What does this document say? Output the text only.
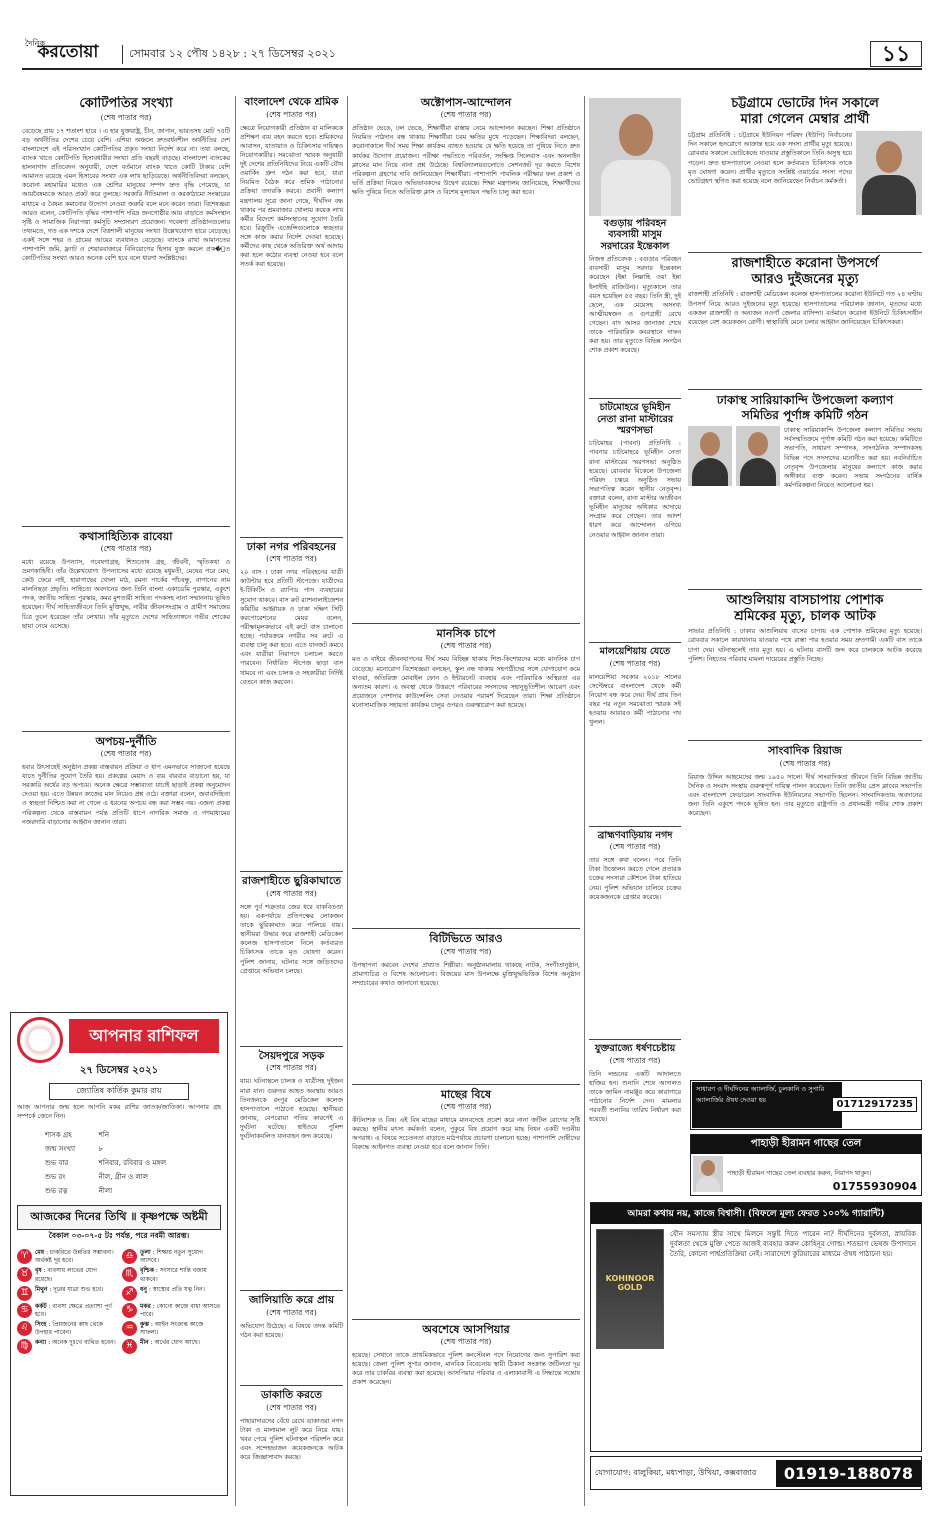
দৈনিক
করতোয়া	সোমবার ১২ পৌষ ১৪২৮ : ২৭ ডিসেম্বর ২০২১	১১
কোটিপতির সংখ্যা
(শেষ পাতার পর)
বেড়েছে প্রায় ১৭ শতাংশ হারে । এ হার যুক্তরাষ্ট্র, চীন, জাপান, ভারতসহ মোট ৭৫টি বড় অর্থনীতির দেশের চেয়ে বেশি। এশিয়া অঞ্চলে দ্রুতবর্ধনশীল অর্থনীতির দেশ বাংলাদেশে এই পরিসংখ্যান কোটিপতির প্রকৃত সংখ্যা নির্দেশ করে না। তথ্য বলছে, ব্যাংক খাতে কোটিপতি হিসাবধারীর সংখ্যা প্রতি বছরই বাড়ছে। বাংলাদেশ ব্যাংকের হালনাগাদ প্রতিবেদন অনুযায়ী, দেশে বর্তমানে ব্যাংক খাতে কোটি টাকার বেশি আমানত রয়েছে এমন হিসাবের সংখ্যা এক লাখ ছাড়িয়েছে। অর্থনীতিবিদরা বলছেন, করোনা মহামারির মধ্যেও এক শ্রেণির মানুষের সম্পদ দ্রুত বৃদ্ধি পেয়েছে, যা আয়বৈষম্যকে আরও প্রকট করে তুলছে। সরকারি নীতিমালা ও করকাঠামো সংস্কারের মাধ্যমে এ বৈষম্য কমানোর উদ্যোগ নেওয়া জরুরি বলে মনে করেন তারা। বিশেষজ্ঞরা আরও বলেন, কোটিপতি বৃদ্ধির পাশাপাশি দরিদ্র জনগোষ্ঠীর আয় বাড়াতে কর্মসংস্থান সৃষ্টি ও সামাজিক নিরাপত্তা কর্মসূচি সম্প্রসারণ প্রয়োজন। গবেষণা প্রতিষ্ঠানগুলোর তথ্যমতে, গত এক দশকে দেশে বিত্তশালী মানুষের সংখ্যা উল্লেখযোগ্য হারে বেড়েছে। একই সঙ্গে শহর ও গ্রামের আয়ের ব্যবধানও বেড়েছে। ব্যাংকে রাখা আমানতের পাশাপাশি জমি, ফ্ল্যাট ও শেয়ারবাজারে বিনিয়োগের হিসাব যুক্ত করলে প্রক�ৃত কোটিপতির সংখ্যা আরও অনেক বেশি হবে বলে ধারণা সংশ্লিষ্টদের।
কথাসাহিত্যিক রাবেয়া
(শেষ পাতার পর)
মধ্যে রয়েছে উপন্যাস, গবেষণাগ্রন্থ, শিশুতোষ গ্রন্থ, জীবনী, স্মৃতিকথা ও ভ্রমণকাহিনী। তাঁর উল্লেখযোগ্য উপন্যাসের মধ্যে রয়েছে মধুমতী, মেঘের পরে মেঘ, কেউ ফেরে নাই, হারাগাছের খোলা মাঠ, রমনা পার্কের পাঁচবন্ধু, বাগানের নাম মালনিছড়া প্রভৃতি। সাহিত্যে অবদানের জন্য তিনি বাংলা একাডেমি পুরস্কার, একুশে পদক, জাতীয় সাহিত্য পুরস্কার, কমর মুশতারী সাহিত্য পদকসহ নানা সম্মাননায় ভূষিত হয়েছেন। দীর্ঘ সাহিত্যজীবনে তিনি মুক্তিযুদ্ধ, নারীর জীবনসংগ্রাম ও গ্রামীণ সমাজের চিত্র তুলে ধরেছেন তাঁর লেখায়। তাঁর মৃত্যুতে দেশের সাহিত্যাঙ্গনে গভীর শোকের ছায়া নেমে এসেছে।
অপচয়-দুর্নীতি
(শেষ পাতার পর)
হবার উৎসাহেই অনুষ্ঠান প্রকল্প বাস্তবায়ন প্রক্রিয়া ও ধাপ এমনভাবে সাজানো হয়েছে যাতে দুর্নীতির সুযোগ তৈরি হয়। প্রকল্পের মেয়াদ ও ব্যয় বারবার বাড়ানো হয়, যা সরকারি অর্থের বড় অপচয়। অনেক ক্ষেত্রে সম্ভাব্যতা যাচাই ছাড়াই প্রকল্প অনুমোদন দেওয়া হয়। এতে উন্নয়ন কাজের মান নিয়েও প্রশ্ন ওঠে। বক্তারা বলেন, জবাবদিহিতা ও স্বচ্ছতা নিশ্চিত করা না গেলে এ ধরনের অপচয় বন্ধ করা সম্ভব নয়। এজন্য প্রকল্প পরিকল্পনা থেকে বাস্তবায়ন পর্যন্ত প্রতিটি ধাপে নাগরিক সমাজ ও গণমাধ্যমের নজরদারি বাড়ানোর আহ্বান জানান তারা।
আপনার রাশিফল
২৭ ডিসেম্বর ২০২১
জ্যোতিষ কার্তিক কুমার রায়
আজ আপনার জন্ম হলে আপনি মকর রাশির জাতক/জাতিকা। আপনার গ্রহ সম্পর্কে জেনে নিন।
শাসক গ্রহ	শনি
জন্ম সংখ্যা	৮
শুভ বার	শনিবার, রবিবার ও মঙ্গল
শুভ রং	নীল, গ্রীন ও লাল
শুভ রত্ন	নীলা
আজকের দিনের তিথি ॥ কৃষ্ণপক্ষে অষ্টমী
বৈকাল ০৩-০৭-৫ টঃ পর্যন্ত, পরে নবমী আরম্ভ।
♈	মেষ : চাকরিতে উন্নতির সম্ভাবনা। অর্থকষ্ট দূর হবে।	♎	তুলা : শিক্ষায় নতুন সুযোগ আসবে।
♉	বৃষ : ব্যবসায় লাভের যোগ রয়েছে।	♏	বৃশ্চিক : সংসারে শান্তি বজায় থাকবে।
♊	মিথুন : দূরের যাত্রা শুভ হবে।	♐	ধনু : স্বাস্থ্যের প্রতি যত্ন নিন।
♋	কর্কট : ব্যবসা ক্ষেত্রে প্রত্যাশা পূর্ণ হবে।	♑	মকর : কোনো কাজে বাধা আসতে পারে।
♌	সিংহ : প্রিয়জনের কাছ থেকে উপহার পাবেন।	♒	কুম্ভ : আইন সংক্রান্ত কাজে সাফল্য।
♍	কন্যা : অনেক দুঃখে ব্যথিত হবেন।	♓	মীন : অর্থের যোগ আছে।
বাংলাদেশ থেকে শ্রমিক
(শেষ পাতার পর)
ক্ষেত্রে নিয়োগকারী প্রতিষ্ঠান বা মালিককে প্রশিক্ষণ ব্যয় বহন করতে হবে। শ্রমিকদের আবাসন, যাতায়াত ও চিকিৎসার দায়িত্বও নিয়োগকারীর। সমঝোতা স্মারক অনুযায়ী দুই দেশের প্রতিনিধিদের নিয়ে একটি যৌথ ওয়ার্কিং গ্রুপ গঠন করা হবে, যারা নিয়মিত বৈঠক করে শ্রমিক পাঠানোর প্রক্রিয়া তদারকি করবে। প্রবাসী কল্যাণ মন্ত্রণালয় সূত্রে জানা গেছে, দীর্ঘদিন বন্ধ থাকার পর শ্রমবাজার খোলায় কয়েক লাখ কর্মীর বিদেশে কর্মসংস্থানের সুযোগ তৈরি হবে। রিক্রুটিং এজেন্সিগুলোকে স্বচ্ছতার সঙ্গে কাজ করার নির্দেশ দেওয়া হয়েছে। কর্মীদের কাছ থেকে অতিরিক্ত অর্থ আদায় করা হলে কঠোর ব্যবস্থা নেওয়া হবে বলে সতর্ক করা হয়েছে।
ঢাকা নগর পরিবহনের
(শেষ পাতার পর)
২০ বাস । ঢাকা নগর পরিবহনের যাত্রী কাউন্টার হবে প্রতিটি স্টপেজে। যাত্রীদের ই-টিকিটিং ও র‍্যাপিড পাস ব্যবহারের সুযোগ থাকবে। বাস রুট র‍্যাশনালাইজেশন কমিটির আহ্বায়ক ও ঢাকা দক্ষিণ সিটি করপোরেশনের মেয়র বলেন, পরীক্ষামূলকভাবে এই রুটে বাস চালানো হচ্ছে। পর্যায়ক্রমে নগরীর সব রুটে এ ব্যবস্থা চালু করা হবে। এতে যানজট কমবে এবং যাত্রীরা নিরাপদে চলাচল করতে পারবেন। নির্ধারিত স্টপেজ ছাড়া বাস থামবে না এবং চালক ও সহকারীরা নির্দিষ্ট বেতনে কাজ করবেন।
রাজশাহীতে ছুরিকাঘাতে
(শেষ পাতার পর)
সঙ্গে পুর্ব শত্রুতার জের ধরে বাকবিতণ্ডা হয়। একপর্যায়ে প্রতিপক্ষের লোকজন তাকে ছুরিকাঘাত করে পালিয়ে যায়। স্থানীয়রা উদ্ধার করে রাজশাহী মেডিকেল কলেজ হাসপাতালে নিলে কর্তব্যরত চিকিৎসক তাকে মৃত ঘোষণা করেন। পুলিশ জানায়, ঘটনার সঙ্গে জড়িতদের গ্রেপ্তারে অভিযান চলছে।
সৈয়দপুরে সড়ক
(শেষ পাতার পর)
যায়। ঘটনাস্থলে চালক ও যাত্রীসহ দুইজন মারা যান। গুরুতর আহত অবস্থায় আরও তিনজনকে রংপুর মেডিকেল কলেজ হাসপাতালে পাঠানো হয়েছে। স্থানীয়রা জানায়, বেপরোয়া গতির কারণেই এ দুর্ঘটনা ঘটেছে। হাইওয়ে পুলিশ দুর্ঘটনাকবলিত যানবাহন জব্দ করেছে।
জালিয়াতি করে প্রায়
(শেষ পাতার পর)
অভিযোগ উঠেছে। এ বিষয়ে তদন্ত কমিটি গঠন করা হয়েছে।
ডাকাতি করতে
(শেষ পাতার পর)
পাহারাদারদের বেঁধে রেখে ডাকাতরা নগদ টাকা ও মালামাল লুট করে নিয়ে যায়। খবর পেয়ে পুলিশ ঘটনাস্থল পরিদর্শন করে এবং সন্দেহভাজন কয়েকজনকে আটক করে জিজ্ঞাসাবাদ করছে।
অক্টোপাস-আন্দোলন
(শেষ পাতার পর)
প্রতিষ্ঠান ভেঙে, ঢল ভেঙে, শিক্ষার্থীরা রাস্তায় নেমে আন্দোলন করছেন। শিক্ষা প্রতিষ্ঠানে নিয়মিত পাঠদান বন্ধ থাকায় শিক্ষার্থীরা চরম ক্ষতির মুখে পড়েছেন। শিক্ষাবিদরা বলছেন, করোনাকালে দীর্ঘ সময় শিক্ষা কার্যক্রম ব্যাহত হওয়ায় যে ক্ষতি হয়েছে তা পুষিয়ে নিতে দ্রুত কার্যকর উদ্যোগ প্রয়োজন। পরীক্ষা পদ্ধতিতে পরিবর্তন, সংক্ষিপ্ত সিলেবাস এবং অনলাইন ক্লাসের মান নিয়ে নানা প্রশ্ন উঠেছে। বিশ্ববিদ্যালয়গুলোতে সেশনজট দূর করতে বিশেষ পরিকল্পনা গ্রহণের দাবি জানিয়েছেন শিক্ষার্থীরা। পাশাপাশি পাবলিক পরীক্ষার ফল প্রকাশ ও ভর্তি প্রক্রিয়া নিয়েও অভিভাবকদের উদ্বেগ রয়েছে। শিক্ষা মন্ত্রণালয় জানিয়েছে, শিক্ষার্থীদের ক্ষতি পুষিয়ে নিতে অতিরিক্ত ক্লাস ও বিশেষ মূল্যায়ন পদ্ধতি চালু করা হবে।
মানসিক চাপে
(শেষ পাতার পর)
মত ও বাইরে জীবনযাপনের দীর্ঘ সময় বিচ্ছিন্ন থাকায় শিশু-কিশোরদের মধ্যে মানসিক চাপ বেড়েছে। মনোরোগ বিশেষজ্ঞরা বলছেন, স্কুল বন্ধ থাকায় সহপাঠীদের সঙ্গে যোগাযোগ কমে যাওয়া, অতিরিক্ত মোবাইল ফোন ও ইন্টারনেট ব্যবহার এবং পারিবারিক অস্থিরতা এর অন্যতম কারণ। এ অবস্থা থেকে উত্তরণে পরিবারের সদস্যদের সহানুভূতিশীল আচরণ এবং প্রয়োজনে পেশাদার কাউন্সেলিং সেবা নেওয়ার পরামর্শ দিয়েছেন তারা। শিক্ষা প্রতিষ্ঠানে মনোসামাজিক সহায়তা কার্যক্রম চালুর ওপরও গুরুত্বারোপ করা হয়েছে।
বিটিভিতে আরও
(শেষ পাতার পর)
উপস্থাপনা করবেন দেশের প্রখ্যাত শিল্পীরা। অনুষ্ঠানমালায় থাকছে নাটক, সংগীতানুষ্ঠান, প্রামাণ্যচিত্র ও বিশেষ আলোচনা। বিজয়ের মাস উপলক্ষে মুক্তিযুদ্ধভিত্তিক বিশেষ অনুষ্ঠান সম্প্রচারের কথাও জানানো হয়েছে।
মাছের বিষে
(শেষ পাতার পর)
কীটনাশক ও বিষ। এই বিষ মাছের মাধ্যমে মানবদেহে প্রবেশ করে নানা জটিল রোগের সৃষ্টি করছে। স্থানীয় মৎস্য কর্মকর্তা বলেন, পুকুরে বিষ প্রয়োগ করে মাছ নিধন একটি দণ্ডনীয় অপরাধ। এ বিষয়ে সচেতনতা বাড়াতে মাঠপর্যায়ে প্রচারণা চালানো হচ্ছে। পাশাপাশি দোষীদের বিরুদ্ধে আইনগত ব্যবস্থা নেওয়া হবে বলে জানান তিনি।
অবশেষে আসপিয়ার
(শেষ পাতার পর)
হয়েছে। সেখানে তাকে প্রাথমিকভাবে পুলিশ কনস্টেবল পদে নিয়োগের জন্য সুপারিশ করা হয়েছে। জেলা পুলিশ সুপার জানান, মানবিক বিবেচনায় স্থায়ী ঠিকানা সংক্রান্ত জটিলতা দূর করে তার চাকরির ব্যবস্থা করা হয়েছে। আসপিয়ার পরিবার ও এলাকাবাসী এ সিদ্ধান্তে সন্তোষ প্রকাশ করেছেন।
বগুড়ায় পরিবহন
ব্যবসায়ী মাসুম
সরদারের ইন্তেকাল
নিজস্ব প্রতিবেদক : বগুড়ার পরিবহন ব্যবসায়ী মাসুম সরদার ইন্তেকাল করেছেন (ইন্না লিল্লাহি ওয়া ইন্না ইলাইহি রাজিউন)। মৃত্যুকালে তার বয়স হয়েছিল ৫৫ বছর। তিনি স্ত্রী, দুই ছেলে, এক মেয়েসহ অসংখ্য আত্মীয়স্বজন ও গুণগ্রাহী রেখে গেছেন। বাদ আসর জানাজা শেষে তাকে পারিবারিক কবরস্থানে দাফন করা হয়। তার মৃত্যুতে বিভিন্ন সংগঠন শোক প্রকাশ করেছে।
চাটমোহরে ভূমিহীন নেতা রানা মাস্টারের স্মরণসভা
চাটমোহর (পাবনা) প্রতিনিধি : পাবনার চাটমোহরে ভূমিহীন নেতা রানা মাস্টারের স্মরণসভা অনুষ্ঠিত হয়েছে। রোববার বিকেলে উপজেলা পরিষদ চত্বরে অনুষ্ঠিত সভায় সভাপতিত্ব করেন স্থানীয় নেতৃবৃন্দ। বক্তারা বলেন, রানা মাস্টার আজীবন ভূমিহীন মানুষের অধিকার আদায়ে সংগ্রাম করে গেছেন। তার আদর্শ ধারণ করে আন্দোলন এগিয়ে নেওয়ার আহ্বান জানান তারা।
মালয়েশিয়ায় যেতে
(শেষ পাতার পর)
মালয়েশিয়া সরকার ২০১৮ সালের সেপ্টেম্বরে বাংলাদেশ থেকে কর্মী নিয়োগ বন্ধ করে দেয়। দীর্ঘ প্রায় তিন বছর পর নতুন সমঝোতা স্মারক সই হওয়ায় আবারও কর্মী পাঠানোর পথ খুলল।
ব্রাহ্মণবাড়িয়ায় নগদ
(শেষ পাতার পর)
তার সঙ্গে কথা বলেন। পরে তিনি টাকা উত্তোলন করতে গেলে প্রতারক চক্রের সদস্যরা কৌশলে টাকা হাতিয়ে নেয়। পুলিশ অভিযান চালিয়ে চক্রের কয়েকজনকে গ্রেপ্তার করেছে।
যুক্তরাজ্যে ধর্ষণচেষ্টায়
(শেষ পাতার পর)
তিনি লন্ডনের একটি আদালতে হাজির হন। শুনানি শেষে আদালত তাকে জামিন নামঞ্জুর করে কারাগারে পাঠানোর নির্দেশ দেন। মামলার পরবর্তী শুনানির তারিখ নির্ধারণ করা হয়েছে।
চট্টগ্রামে ভোটের দিন সকালে
মারা গেলেন মেম্বার প্রার্থী
চট্টগ্রাম প্রতিনিধি : চট্টগ্রামে ইউনিয়ন পরিষদ (ইউপি) নির্বাচনের দিন সকালে হৃদরোগে আক্রান্ত হয়ে এক সদস্য প্রার্থীর মৃত্যু হয়েছে। রোববার সকালে ভোটকেন্দ্রে যাওয়ার প্রস্তুতিকালে তিনি অসুস্থ হয়ে পড়েন। দ্রুত হাসপাতালে নেওয়া হলে কর্তব্যরত চিকিৎসক তাকে মৃত ঘোষণা করেন। প্রার্থীর মৃত্যুতে সংশ্লিষ্ট ওয়ার্ডের সদস্য পদের ভোটগ্রহণ স্থগিত করা হয়েছে বলে জানিয়েছেন নির্বাচন কর্মকর্তা।
রাজশাহীতে করোনা উপসর্গে
আরও দুইজনের মৃত্যু
রাজশাহী প্রতিনিধি : রাজশাহী মেডিকেল কলেজ হাসপাতালের করোনা ইউনিটে গত ২৪ ঘণ্টায় উপসর্গ নিয়ে আরও দুইজনের মৃত্যু হয়েছে। হাসপাতালের পরিচালক জানান, মৃতদের মধ্যে একজন রাজশাহী ও অন্যজন নওগাঁ জেলার বাসিন্দা। বর্তমানে করোনা ইউনিটে চিকিৎসাধীন রয়েছেন বেশ কয়েকজন রোগী। স্বাস্থ্যবিধি মেনে চলার আহ্বান জানিয়েছেন চিকিৎসকরা।
ঢাকাস্থ সারিয়াকান্দি উপজেলা কল্যাণ
সমিতির পূর্ণাঙ্গ কমিটি গঠন
ঢাকাস্থ সারিয়াকান্দি উপজেলা কল্যাণ সমিতির সভায় সর্বসম্মতিক্রমে পূর্ণাঙ্গ কমিটি গঠন করা হয়েছে। কমিটিতে সভাপতি, সাধারণ সম্পাদক, সাংগঠনিক সম্পাদকসহ বিভিন্ন পদে সদস্যদের মনোনীত করা হয়। নবনির্বাচিত নেতৃবৃন্দ উপজেলার মানুষের কল্যাণে কাজ করার অঙ্গীকার ব্যক্ত করেন। সভায় সংগঠনের বার্ষিক কর্মপরিকল্পনা নিয়েও আলোচনা হয়।
আশুলিয়ায় বাসচাপায় পোশাক
শ্রমিকের মৃত্যু, চালক আটক
সাভার প্রতিনিধি : ঢাকার আশুলিয়ায় বাসের চাপায় এক পোশাক শ্রমিকের মৃত্যু হয়েছে। রোববার সকালে কারখানায় যাওয়ার পথে রাস্তা পার হওয়ার সময় দ্রুতগামী একটি বাস তাকে চাপা দেয়। ঘটনাস্থলেই তার মৃত্যু হয়। এ ঘটনায় বাসটি জব্দ করে চালককে আটক করেছে পুলিশ। নিহতের পরিবার মামলা দায়েরের প্রস্তুতি নিচ্ছে।
সাংবাদিক রিয়াজ
(শেষ পাতার পর)
রিয়াজ উদ্দিন আহমেদের জন্ম ১৯৫০ সালে। দীর্ঘ সাংবাদিকতা জীবনে তিনি বিভিন্ন জাতীয় দৈনিক ও সংবাদ সংস্থায় গুরুত্বপূর্ণ দায়িত্ব পালন করেছেন। তিনি জাতীয় প্রেস ক্লাবের সভাপতি এবং বাংলাদেশ ফেডারেল সাংবাদিক ইউনিয়নের সভাপতি ছিলেন। সাংবাদিকতায় অবদানের জন্য তিনি একুশে পদকে ভূষিত হন। তার মৃত্যুতে রাষ্ট্রপতি ও প্রধানমন্ত্রী গভীর শোক প্রকাশ করেছেন।
সাধারণ ও দীর্ঘদিনের অ্যালার্জি, চুলকানি ও সুপারি অ্যালার্জির ঔষধ দেওয়া হয়	01712917235
পাহাড়ী হীরামন গাছের তেল
পাহাড়ী হীরামন গাছের তেল ব্যবহার করুন, নিরাপদ থাকুন।
01755930904
আমরা কথায় নয়, কাজে বিশ্বাসী। (বিফলে মূল্য ফেরত ১০০% গ্যারান্টি)
KOHINOOR GOLD
যৌন সমস্যায় স্ত্রীর সাথে মিলনে সন্তুষ্ট দিতে পারেন না? দীর্ঘদিনের দুর্বলতা, স্নায়বিক দুর্বলতা থেকে মুক্তি পেতে আজই ব্যবহার করুন কোহিনূর গোল্ড। শতভাগ ভেষজ উপাদানে তৈরি, কোনো পার্শ্বপ্রতিক্রিয়া নেই। সারাদেশে কুরিয়ারের মাধ্যমে ঔষধ পাঠানো হয়।
যোগাযোগ: বালুকিয়া, মধ্যপাড়া, উখিয়া, কক্সবাজার	01919-188078
